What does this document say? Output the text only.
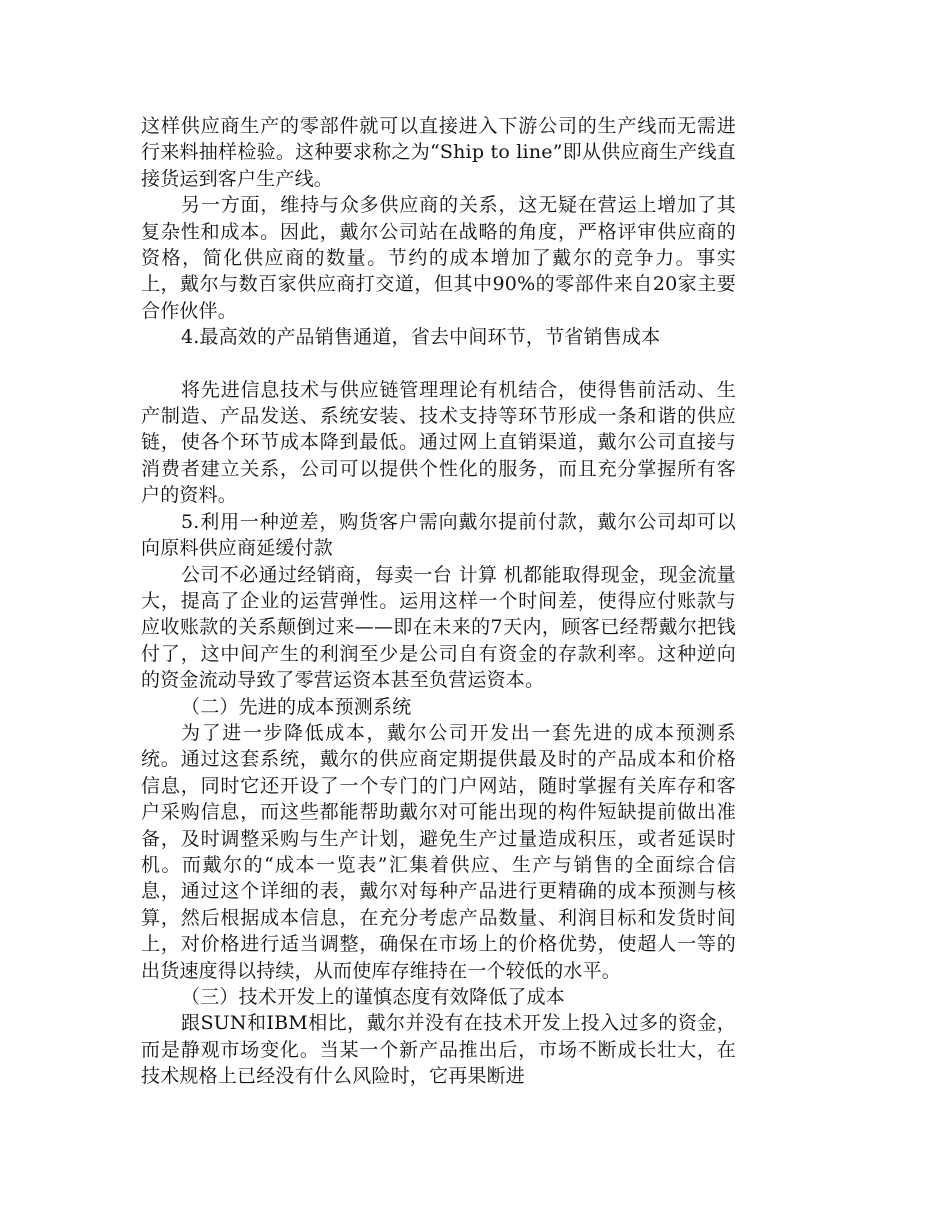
这样供应商生产的零部件就可以直接进入下游公司的生产线而无需进行来料抽样检验。这种要求称之为“Ship to line”即从供应商生产线直接货运到客户生产线。

另一方面，维持与众多供应商的关系，这无疑在营运上增加了其复杂性和成本。因此，戴尔公司站在战略的角度，严格评审供应商的资格，简化供应商的数量。节约的成本增加了戴尔的竞争力。事实上，戴尔与数百家供应商打交道，但其中90%的零部件来自20家主要合作伙伴。

4.最高效的产品销售通道，省去中间环节，节省销售成本

将先进信息技术与供应链管理理论有机结合，使得售前活动、生产制造、产品发送、系统安装、技术支持等环节形成一条和谐的供应链，使各个环节成本降到最低。通过网上直销渠道，戴尔公司直接与消费者建立关系，公司可以提供个性化的服务，而且充分掌握所有客户的资料。

5.利用一种逆差，购货客户需向戴尔提前付款，戴尔公司却可以向原料供应商延缓付款

公司不必通过经销商，每卖一台 计算 机都能取得现金，现金流量大，提高了企业的运营弹性。运用这样一个时间差，使得应付账款与应收账款的关系颠倒过来——即在未来的7天内，顾客已经帮戴尔把钱付了，这中间产生的利润至少是公司自有资金的存款利率。这种逆向的资金流动导致了零营运资本甚至负营运资本。

（二）先进的成本预测系统

为了进一步降低成本，戴尔公司开发出一套先进的成本预测系统。通过这套系统，戴尔的供应商定期提供最及时的产品成本和价格信息，同时它还开设了一个专门的门户网站，随时掌握有关库存和客户采购信息，而这些都能帮助戴尔对可能出现的构件短缺提前做出准备，及时调整采购与生产计划，避免生产过量造成积压，或者延误时机。而戴尔的“成本一览表”汇集着供应、生产与销售的全面综合信息，通过这个详细的表，戴尔对每种产品进行更精确的成本预测与核算，然后根据成本信息，在充分考虑产品数量、利润目标和发货时间上，对价格进行适当调整，确保在市场上的价格优势，使超人一等的出货速度得以持续，从而使库存维持在一个较低的水平。

（三）技术开发上的谨慎态度有效降低了成本

跟SUN和IBM相比，戴尔并没有在技术开发上投入过多的资金，而是静观市场变化。当某一个新产品推出后，市场不断成长壮大，在技术规格上已经没有什么风险时，它再果断进
